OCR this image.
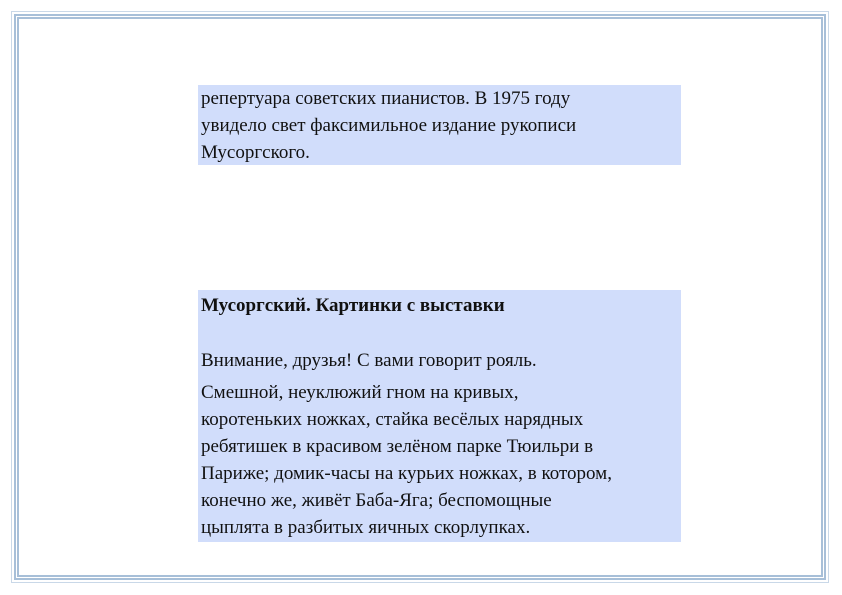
репертуара советских пианистов. В 1975 году
увидело свет факсимильное издание рукописи
Мусоргского.

Мусоргский. Картинки с выставки

Внимание, друзья! С вами говорит рояль.

Смешной, неуклюжий гном на кривых,
коротеньких ножках, стайка весёлых нарядных
ребятишек в красивом зелёном парке Тюильри в
Париже; домик-часы на курьих ножках, в котором,
конечно же, живёт Баба-Яга; беспомощные
цыплята в разбитых яичных скорлупках.
